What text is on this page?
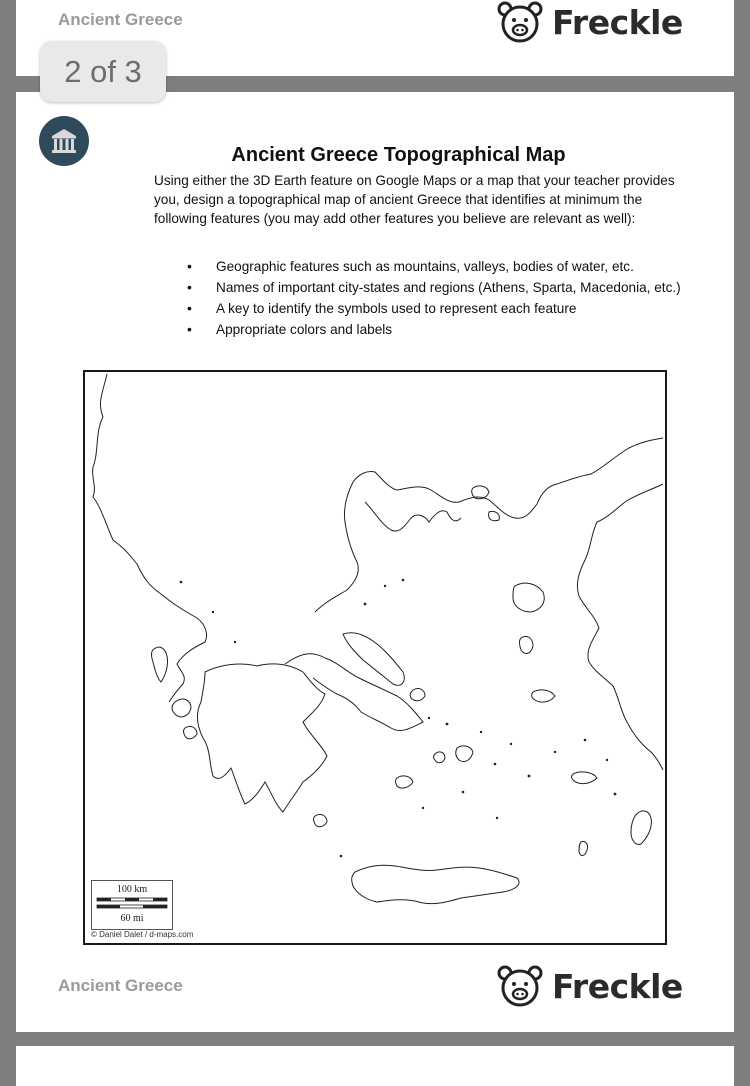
Ancient Greece	Freckle
2 of 3
Ancient Greece Topographical Map
Using either the 3D Earth feature on Google Maps or a map that your teacher provides you, design a topographical map of ancient Greece that identifies at minimum the following features (you may add other features you believe are relevant as well):
• Geographic features such as mountains, valleys, bodies of water, etc.
• Names of important city-states and regions (Athens, Sparta, Macedonia, etc.)
• A key to identify the symbols used to represent each feature
• Appropriate colors and labels
100 km
60 mi
© Daniel Dalet / d-maps.com
Ancient Greece	Freckle
